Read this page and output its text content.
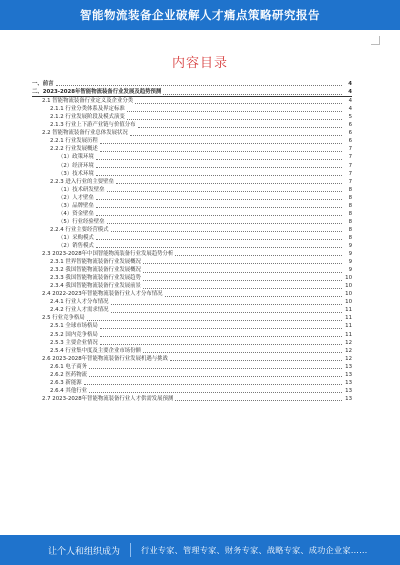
智能物流装备企业破解人才痛点策略研究报告
内容目录
一、前言	4
二、2023-2028年智能物流装备行业发展及趋势预测	4
2.1 智能物流装备行业定义及企业分类	4
2.1.1 行业分类体系及界定标准	4
2.1.2 行业发展阶段及模式演变	5
2.1.3 行业上下游产业链与价值分布	6
2.2 智能物流装备行业总体发展状况	6
2.2.1 行业发展历程	6
2.2.2 行业发展概述	7
（1）政策环境	7
（2）经济环境	7
（3）技术环境	7
2.2.3 进入行业的主要壁垒	7
（1）技术研发壁垒	8
（2）人才壁垒	8
（3）品牌壁垒	8
（4）资金壁垒	8
（5）行业经验壁垒	8
2.2.4 行业主要经营模式	8
（1）采购模式	8
（2）销售模式	9
2.3 2023-2028年中国智能物流装备行业发展趋势分析	9
2.3.1 世界智能物流装备行业发展概况	9
2.3.2 我国智能物流装备行业发展概况	9
2.3.3 我国智能物流装备行业发展趋势	10
2.3.4 我国智能物流装备行业发展前景	10
2.4 2022-2023年智能物流装备行业人才分布情况	10
2.4.1 行业人才分布情况	10
2.4.2 行业人才需求情况	11
2.5 行业竞争格局	11
2.5.1 全球市场格局	11
2.5.2 国内竞争格局	11
2.5.3 主要企业情况	12
2.5.4 行业集中度及主要企业市场份额	12
2.6 2023-2028年智能物流装备行业发展机遇与挑战	12
2.6.1 电子商务	13
2.6.2 医药物流	13
2.6.3 新能源	13
2.6.4 其他行业	13
2.7 2023-2028年智能物流装备行业人才供需发展预测	13
让个人和组织成为	行业专家、管理专家、财务专家、战略专家、成功企业家……
